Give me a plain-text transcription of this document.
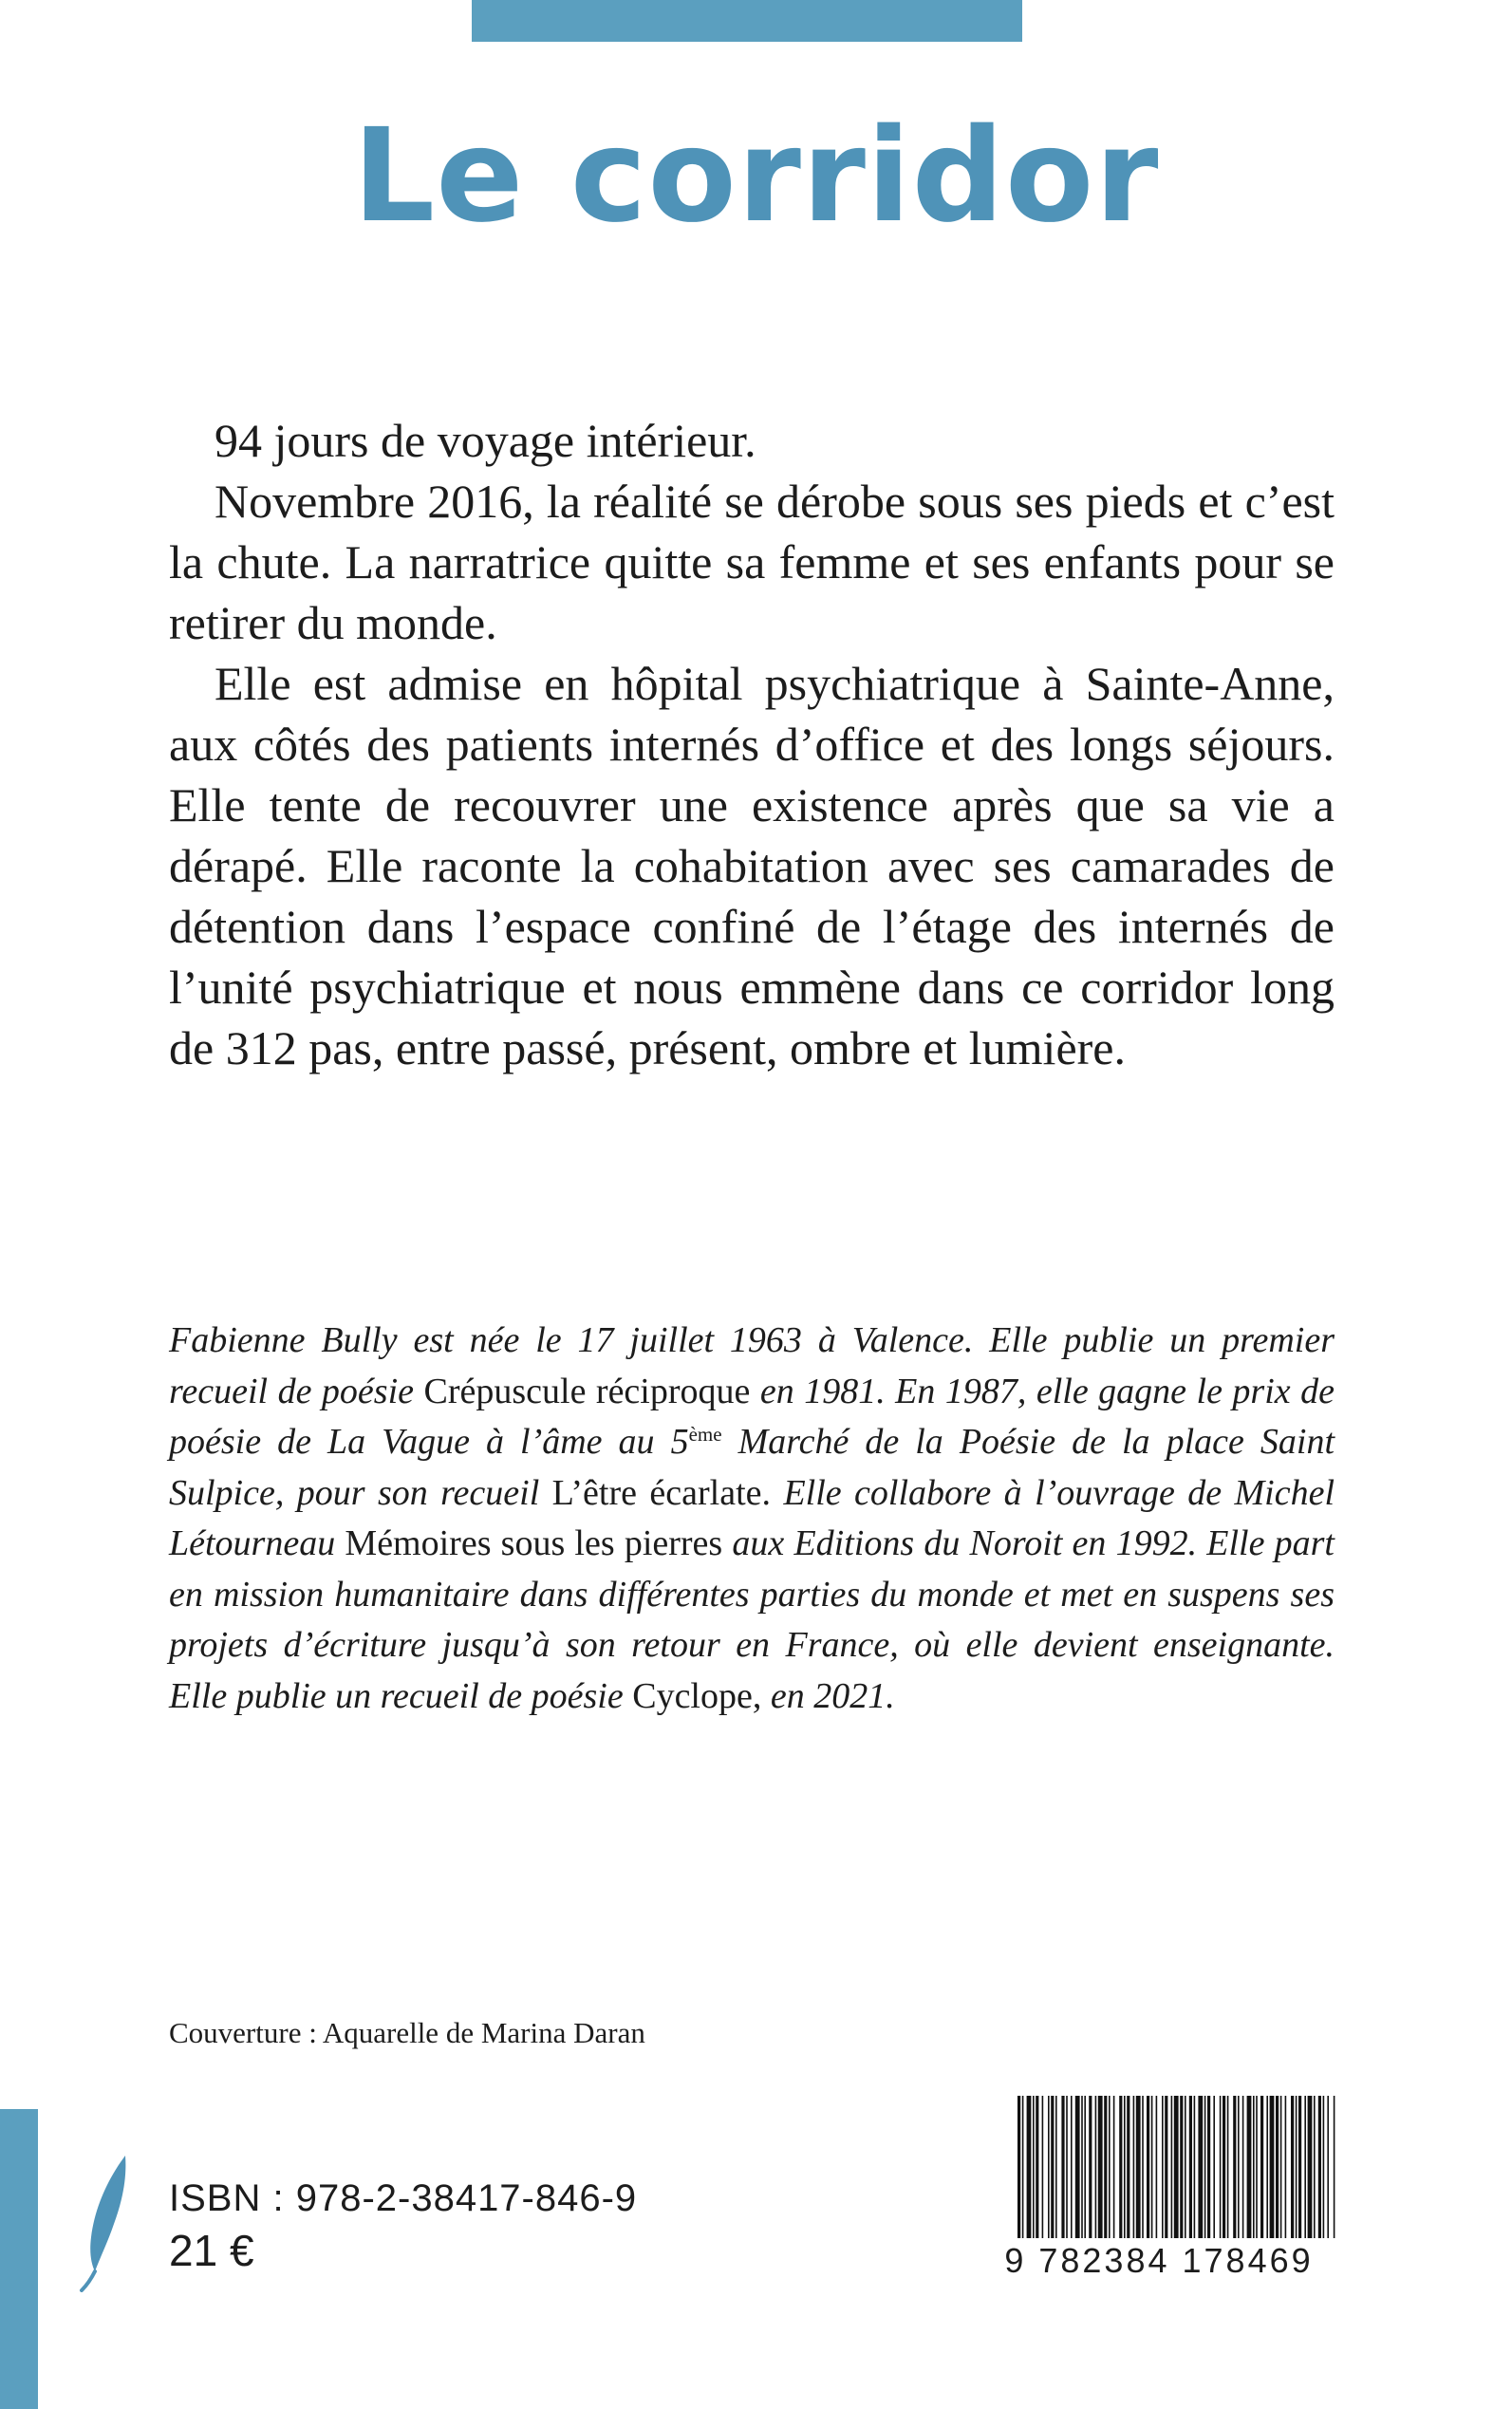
Le corridor

94 jours de voyage intérieur.

Novembre 2016, la réalité se dérobe sous ses pieds et c’est la chute. La narratrice quitte sa femme et ses enfants pour se retirer du monde.

Elle est admise en hôpital psychiatrique à Sainte-Anne, aux côtés des patients internés d’office et des longs séjours. Elle tente de recouvrer une existence après que sa vie a dérapé. Elle raconte la cohabitation avec ses camarades de détention dans l’espace confiné de l’étage des internés de l’unité psychiatrique et nous emmène dans ce corridor long de 312 pas, entre passé, présent, ombre et lumière.

Fabienne Bully est née le 17 juillet 1963 à Valence. Elle publie un premier recueil de poésie Crépuscule réciproque en 1981. En 1987, elle gagne le prix de poésie de La Vague à l’âme au 5ème Marché de la Poésie de la place Saint Sulpice, pour son recueil L’être écarlate. Elle collabore à l’ouvrage de Michel Létourneau Mémoires sous les pierres aux Editions du Noroit en 1992. Elle part en mission humanitaire dans différentes parties du monde et met en suspens ses projets d’écriture jusqu’à son retour en France, où elle devient enseignante. Elle publie un recueil de poésie Cyclope, en 2021.
Couverture : Aquarelle de Marina Daran
ISBN : 978-2-38417-846-9
21 €	9 782384 178469
